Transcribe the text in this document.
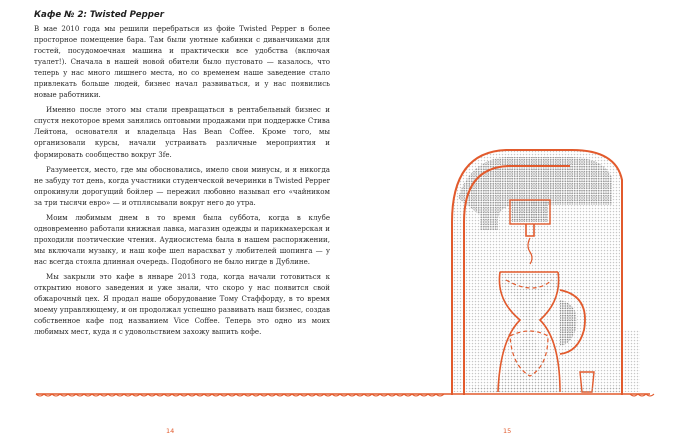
Кафе № 2: Twisted Pepper

В мае 2010 года мы решили перебраться из фойе Twisted Pepper в более просторное помещение бара. Там были уютные кабинки с диванчиками для гостей, посудомоечная машина и практически все удобства (включая туалет!). Сначала в нашей новой обители было пустовато — казалось, что теперь у нас много лишнего места, но со временем наше заведение стало привлекать больше людей, бизнес начал развиваться, и у нас появились новые работники.

Именно после этого мы стали превращаться в рентабельный бизнес и спустя некоторое время занялись оптовыми продажами при поддержке Стива Лейтона, основателя и владельца Has Bean Coffee. Кроме того, мы организовали курсы, начали устраивать различные мероприятия и формировать сообщество вокруг 3fe.

Разумеется, место, где мы обосновались, имело свои минусы, и я никогда не забуду тот день, когда участники студенческой вечеринки в Twisted Pepper опрокинули дорогущий бойлер — пережил любовно называл его «чайником за три тысячи евро» — и отплясывали вокруг него до утра.

Моим любимым днем в то время была суббота, когда в клубе одновременно работали книжная лавка, магазин одежды и парикмахерская и проходили поэтические чтения. Аудиосистема была в нашем распоряжении, мы включали музыку, и наш кофе шел нарасхват у любителей шопинга — у нас всегда стояла длинная очередь. Подобного не было нигде в Дублине.

Мы закрыли это кафе в январе 2013 года, когда начали готовиться к открытию нового заведения и уже знали, что скоро у нас появится свой обжарочный цех. Я продал наше оборудование Тому Стаффорду, в то время моему управляющему, и он продолжал успешно развивать наш бизнес, создав собственное кафе под названием Vice Coffee. Теперь это одно из моих любимых мест, куда я с удовольствием захожу выпить кофе.

14	15
